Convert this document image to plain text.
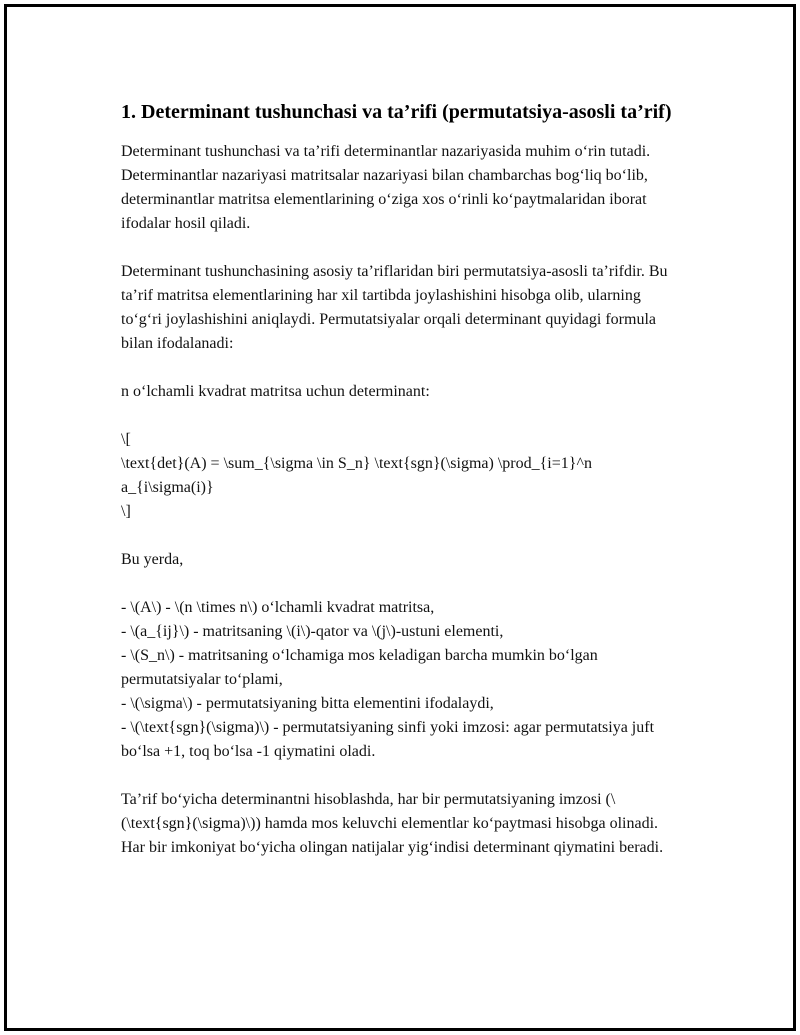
1. Determinant tushunchasi va ta’rifi (permutatsiya-asosli ta’rif)

Determinant tushunchasi va ta’rifi determinantlar nazariyasida muhim o‘rin tutadi. Determinantlar nazariyasi matritsalar nazariyasi bilan chambarchas bog‘liq bo‘lib, determinantlar matritsa elementlarining o‘ziga xos o‘rinli ko‘paytmalaridan iborat ifodalar hosil qiladi.

Determinant tushunchasining asosiy ta’riflaridan biri permutatsiya-asosli ta’rifdir. Bu ta’rif matritsa elementlarining har xil tartibda joylashishini hisobga olib, ularning to‘g‘ri joylashishini aniqlaydi. Permutatsiyalar orqali determinant quyidagi formula bilan ifodalanadi:

n o‘lchamli kvadrat matritsa uchun determinant:

\[
\text{det}(A) = \sum_{\sigma \in S_n} \text{sgn}(\sigma) \prod_{i=1}^n
a_{i\sigma(i)}
\]

Bu yerda,

- \(A\) - \(n \times n\) o‘lchamli kvadrat matritsa,
- \(a_{ij}\) - matritsaning \(i\)-qator va \(j\)-ustuni elementi,
- \(S_n\) - matritsaning o‘lchamiga mos keladigan barcha mumkin bo‘lgan permutatsiyalar to‘plami,
- \(\sigma\) - permutatsiyaning bitta elementini ifodalaydi,
- \(\text{sgn}(\sigma)\) - permutatsiyaning sinfi yoki imzosi: agar permutatsiya juft bo‘lsa +1, toq bo‘lsa -1 qiymatini oladi.

Ta’rif bo‘yicha determinantni hisoblashda, har bir permutatsiyaning imzosi (\(\text{sgn}(\sigma)\)) hamda mos keluvchi elementlar ko‘paytmasi hisobga olinadi. Har bir imkoniyat bo‘yicha olingan natijalar yig‘indisi determinant qiymatini beradi.
